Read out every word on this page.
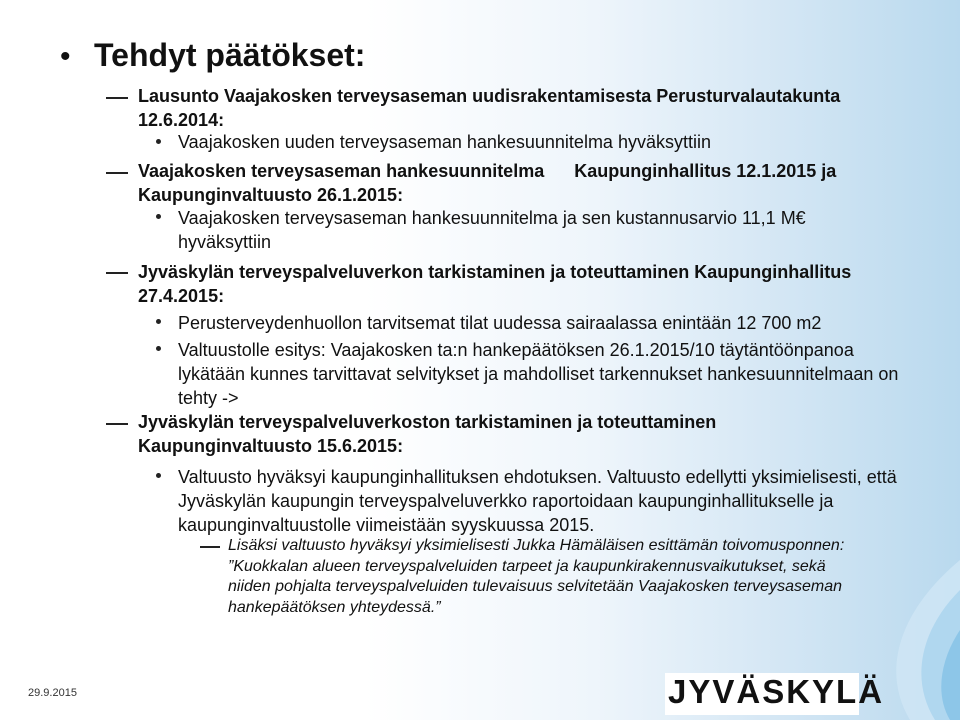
• Tehdyt päätökset:
Lausunto Vaajakosken terveysaseman uudisrakentamisesta Perusturvalautakunta 12.6.2014:
Vaajakosken uuden terveysaseman hankesuunnitelma hyväksyttiin
Vaajakosken terveysaseman hankesuunnitelma      Kaupunginhallitus 12.1.2015 ja Kaupunginvaltuusto 26.1.2015:
Vaajakosken terveysaseman hankesuunnitelma ja sen kustannusarvio 11,1 M€ hyväksyttiin
Jyväskylän terveyspalveluverkon tarkistaminen ja toteuttaminen Kaupunginhallitus 27.4.2015:
Perusterveydenhuollon tarvitsemat tilat uudessa sairaalassa enintään 12 700 m2
Valtuustolle esitys: Vaajakosken ta:n hankepäätöksen 26.1.2015/10 täytäntöönpanoa lykätään kunnes tarvittavat selvitykset ja mahdolliset tarkennukset hankesuunnitelmaan on tehty ->
Jyväskylän terveyspalveluverkoston tarkistaminen ja toteuttaminen Kaupunginvaltuusto 15.6.2015:
Valtuusto hyväksyi kaupunginhallituksen ehdotuksen. Valtuusto edellytti yksimielisesti, että Jyväskylän kaupungin terveyspalveluverkko raportoidaan kaupunginhallitukselle ja kaupunginvaltuustolle viimeistään syyskuussa 2015.
Lisäksi valtuusto hyväksyi yksimielisesti Jukka Hämäläisen esittämän toivomusponnen: ”Kuokkalan alueen terveyspalveluiden tarpeet ja kaupunkirakennusvaikutukset, sekä niiden pohjalta terveyspalveluiden tulevaisuus selvitetään Vaajakosken terveysaseman hankepäätöksen yhteydessä.”
29.9.2015	JYVÄSKYLÄ
